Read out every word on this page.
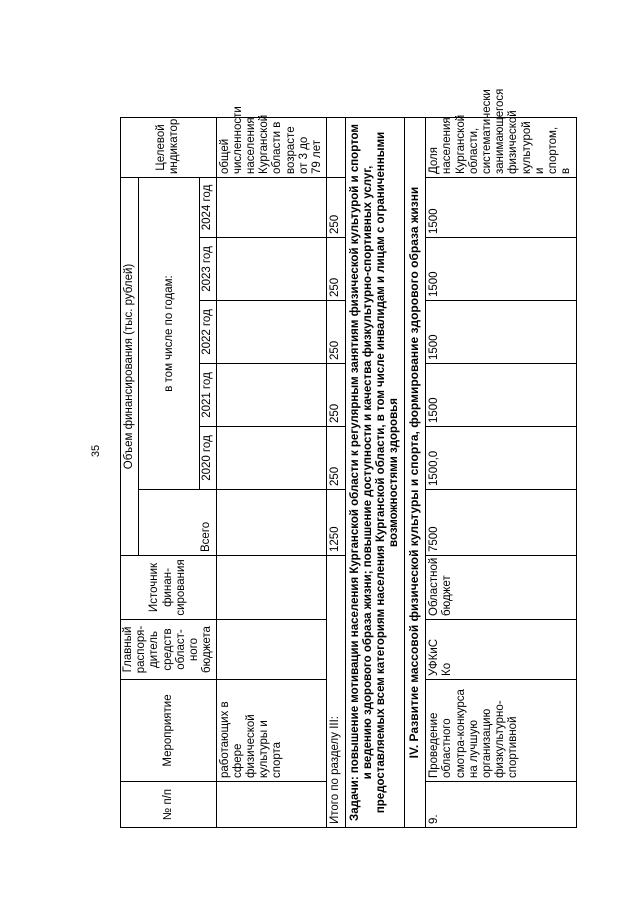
35
№ п/п	Мероприятие	Главный распоря-дитель средств област-ного бюджета	Источник финан-сирования	Объем финансирования (тыс. рублей)						Целевой индикатор
				Всего	в том числе по годам:					
					2020 год	2021 год	2022 год	2023 год	2024 год	
	работающих в сфере физической культуры и спорта									общей численности населения Курганской области в возрасте от 3 до 79 лет
Итого по разделу III:				1250	250	250	250	250	250	
Задачи: повышение мотивации населения Курганской области к регулярным занятиям физической культурой и спортом и ведению здорового образа жизни; повышение доступности и качества физкультурно-спортивных услуг, предоставляемых всем категориям населения Курганской области, в том числе инвалидам и лицам с ограниченными возможностями здоровья										
IV. Развитие массовой физической культуры и спорта, формирование здорового образа жизни										
9.	Проведение областного смотра-конкурса на лучшую организацию физкультурно-спортивной	УФКиС Ко	Областной бюджет	7500	1500,0	1500	1500	1500	1500	Доля населения Курганской области, систематически занимающегося физической культурой и спортом, в
